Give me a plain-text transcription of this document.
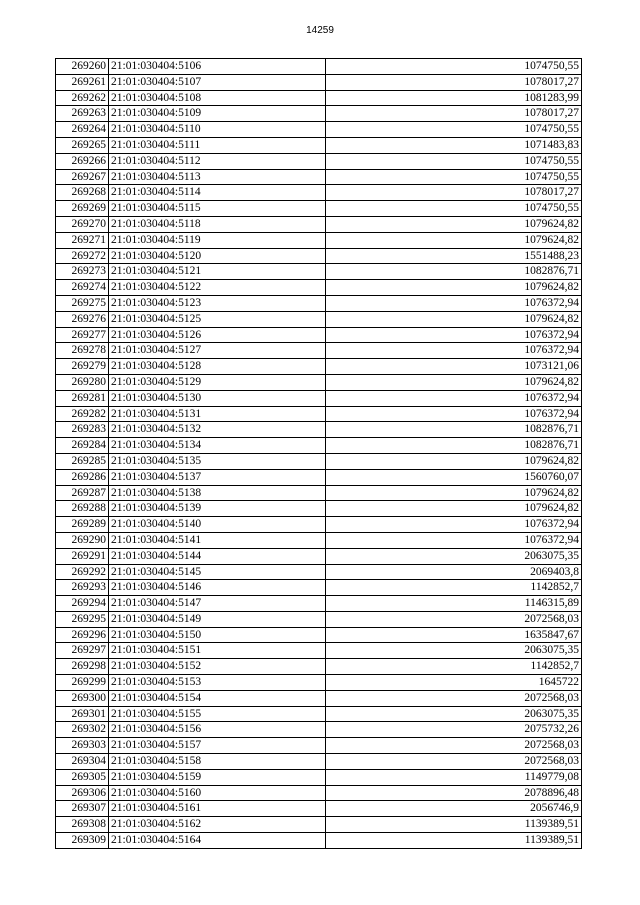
14259
269260	21:01:030404:5106	1074750,55
269261	21:01:030404:5107	1078017,27
269262	21:01:030404:5108	1081283,99
269263	21:01:030404:5109	1078017,27
269264	21:01:030404:5110	1074750,55
269265	21:01:030404:5111	1071483,83
269266	21:01:030404:5112	1074750,55
269267	21:01:030404:5113	1074750,55
269268	21:01:030404:5114	1078017,27
269269	21:01:030404:5115	1074750,55
269270	21:01:030404:5118	1079624,82
269271	21:01:030404:5119	1079624,82
269272	21:01:030404:5120	1551488,23
269273	21:01:030404:5121	1082876,71
269274	21:01:030404:5122	1079624,82
269275	21:01:030404:5123	1076372,94
269276	21:01:030404:5125	1079624,82
269277	21:01:030404:5126	1076372,94
269278	21:01:030404:5127	1076372,94
269279	21:01:030404:5128	1073121,06
269280	21:01:030404:5129	1079624,82
269281	21:01:030404:5130	1076372,94
269282	21:01:030404:5131	1076372,94
269283	21:01:030404:5132	1082876,71
269284	21:01:030404:5134	1082876,71
269285	21:01:030404:5135	1079624,82
269286	21:01:030404:5137	1560760,07
269287	21:01:030404:5138	1079624,82
269288	21:01:030404:5139	1079624,82
269289	21:01:030404:5140	1076372,94
269290	21:01:030404:5141	1076372,94
269291	21:01:030404:5144	2063075,35
269292	21:01:030404:5145	2069403,8
269293	21:01:030404:5146	1142852,7
269294	21:01:030404:5147	1146315,89
269295	21:01:030404:5149	2072568,03
269296	21:01:030404:5150	1635847,67
269297	21:01:030404:5151	2063075,35
269298	21:01:030404:5152	1142852,7
269299	21:01:030404:5153	1645722
269300	21:01:030404:5154	2072568,03
269301	21:01:030404:5155	2063075,35
269302	21:01:030404:5156	2075732,26
269303	21:01:030404:5157	2072568,03
269304	21:01:030404:5158	2072568,03
269305	21:01:030404:5159	1149779,08
269306	21:01:030404:5160	2078896,48
269307	21:01:030404:5161	2056746,9
269308	21:01:030404:5162	1139389,51
269309	21:01:030404:5164	1139389,51
